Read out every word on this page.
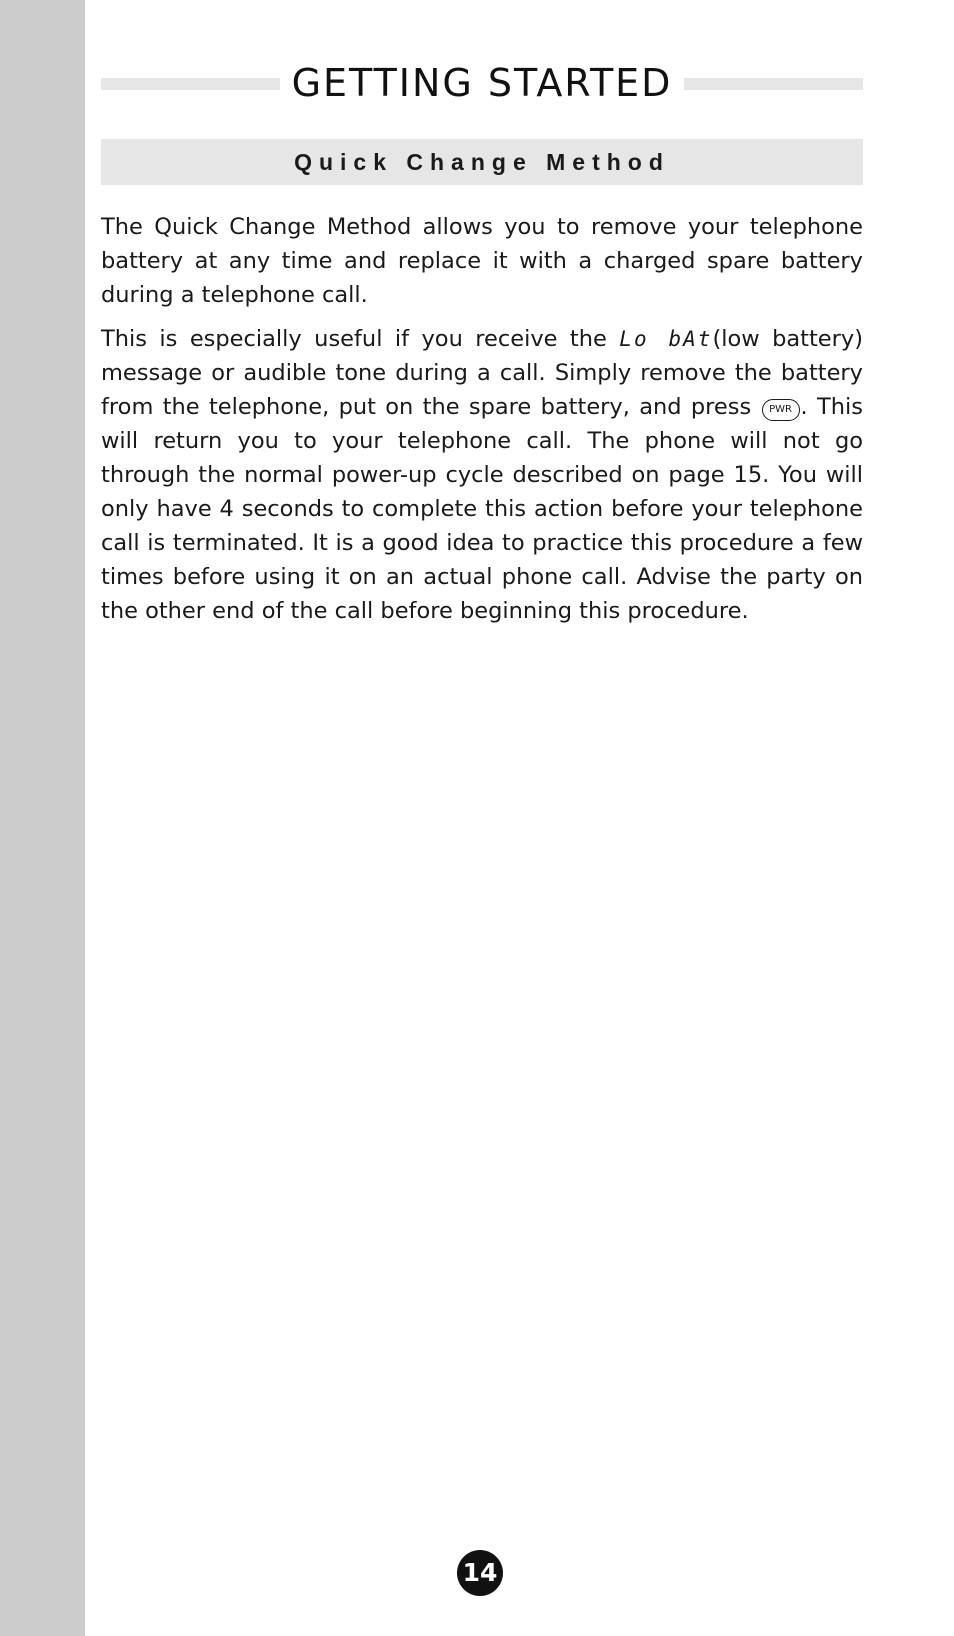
GETTING STARTED
Quick Change Method

The Quick Change Method allows you to remove your telephone battery at any time and replace it with a charged spare battery during a telephone call.

This is especially useful if you receive the Lo bAt(low battery) message or audible tone during a call. Simply remove the battery from the telephone, put on the spare battery, and press PWR . This will return you to your telephone call. The phone will not go through the normal power-up cycle described on page 15. You will only have 4 seconds to complete this action before your telephone call is terminated. It is a good idea to practice this procedure a few times before using it on an actual phone call. Advise the party on the other end of the call before beginning this procedure.

14
